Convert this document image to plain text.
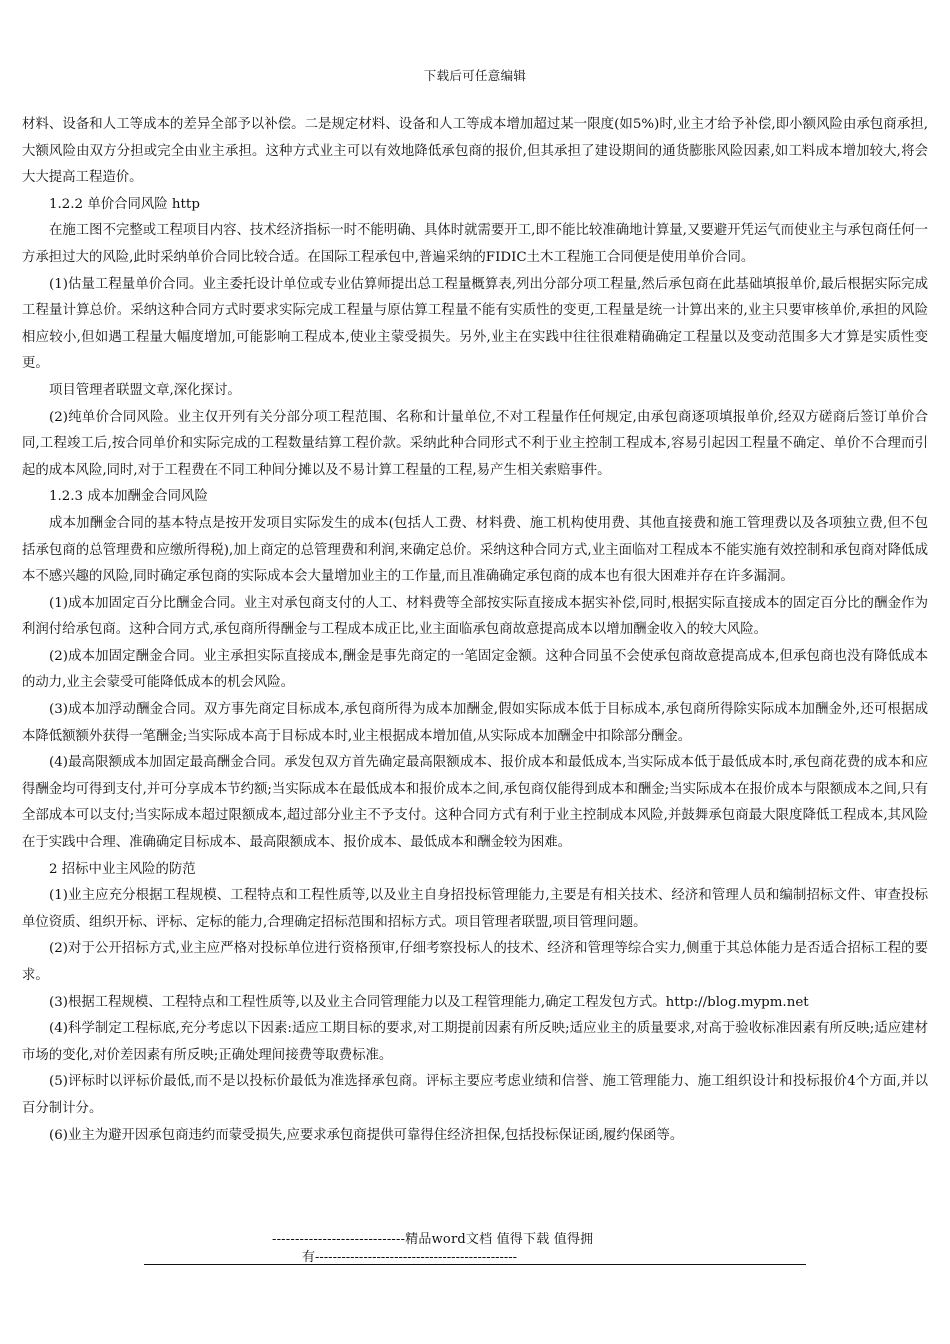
下载后可任意编辑

材料、设备和人工等成本的差异全部予以补偿。二是规定材料、设备和人工等成本增加超过某一限度(如5%)时,业主才给予补偿,即小额风险由承包商承担,大额风险由双方分担或完全由业主承担。这种方式业主可以有效地降低承包商的报价,但其承担了建设期间的通货膨胀风险因素,如工料成本增加较大,将会大大提高工程造价。

1.2.2 单价合同风险 http

在施工图不完整或工程项目内容、技术经济指标一时不能明确、具体时就需要开工,即不能比较准确地计算量,又要避开凭运气而使业主与承包商任何一方承担过大的风险,此时采纳单价合同比较合适。在国际工程承包中,普遍采纳的FIDIC土木工程施工合同便是使用单价合同。

(1)估量工程量单价合同。业主委托设计单位或专业估算师提出总工程量概算表,列出分部分项工程量,然后承包商在此基础填报单价,最后根据实际完成工程量计算总价。采纳这种合同方式时要求实际完成工程量与原估算工程量不能有实质性的变更,工程量是统一计算出来的,业主只要审核单价,承担的风险相应较小,但如遇工程量大幅度增加,可能影响工程成本,使业主蒙受损失。另外,业主在实践中往往很难精确确定工程量以及变动范围多大才算是实质性变更。

项目管理者联盟文章,深化探讨。

(2)纯单价合同风险。业主仅开列有关分部分项工程范围、名称和计量单位,不对工程量作任何规定,由承包商逐项填报单价,经双方磋商后签订单价合同,工程竣工后,按合同单价和实际完成的工程数量结算工程价款。采纳此种合同形式不利于业主控制工程成本,容易引起因工程量不确定、单价不合理而引起的成本风险,同时,对于工程费在不同工种间分摊以及不易计算工程量的工程,易产生相关索赔事件。

1.2.3 成本加酬金合同风险

成本加酬金合同的基本特点是按开发项目实际发生的成本(包括人工费、材料费、施工机构使用费、其他直接费和施工管理费以及各项独立费,但不包括承包商的总管理费和应缴所得税),加上商定的总管理费和利润,来确定总价。采纳这种合同方式,业主面临对工程成本不能实施有效控制和承包商对降低成本不感兴趣的风险,同时确定承包商的实际成本会大量增加业主的工作量,而且准确确定承包商的成本也有很大困难并存在许多漏洞。

(1)成本加固定百分比酬金合同。业主对承包商支付的人工、材料费等全部按实际直接成本据实补偿,同时,根据实际直接成本的固定百分比的酬金作为利润付给承包商。这种合同方式,承包商所得酬金与工程成本成正比,业主面临承包商故意提高成本以增加酬金收入的较大风险。

(2)成本加固定酬金合同。业主承担实际直接成本,酬金是事先商定的一笔固定金额。这种合同虽不会使承包商故意提高成本,但承包商也没有降低成本的动力,业主会蒙受可能降低成本的机会风险。

(3)成本加浮动酬金合同。双方事先商定目标成本,承包商所得为成本加酬金,假如实际成本低于目标成本,承包商所得除实际成本加酬金外,还可根据成本降低额额外获得一笔酬金;当实际成本高于目标成本时,业主根据成本增加值,从实际成本加酬金中扣除部分酬金。

(4)最高限额成本加固定最高酬金合同。承发包双方首先确定最高限额成本、报价成本和最低成本,当实际成本低于最低成本时,承包商花费的成本和应得酬金均可得到支付,并可分享成本节约额;当实际成本在最低成本和报价成本之间,承包商仅能得到成本和酬金;当实际成本在报价成本与限额成本之间,只有全部成本可以支付;当实际成本超过限额成本,超过部分业主不予支付。这种合同方式有利于业主控制成本风险,并鼓舞承包商最大限度降低工程成本,其风险在于实践中合理、准确确定目标成本、最高限额成本、报价成本、最低成本和酬金较为困难。

2 招标中业主风险的防范

(1)业主应充分根据工程规模、工程特点和工程性质等,以及业主自身招投标管理能力,主要是有相关技术、经济和管理人员和编制招标文件、审查投标单位资质、组织开标、评标、定标的能力,合理确定招标范围和招标方式。项目管理者联盟,项目管理问题。

(2)对于公开招标方式,业主应严格对投标单位进行资格预审,仔细考察投标人的技术、经济和管理等综合实力,侧重于其总体能力是否适合招标工程的要求。

(3)根据工程规模、工程特点和工程性质等,以及业主合同管理能力以及工程管理能力,确定工程发包方式。http://blog.mypm.net

(4)科学制定工程标底,充分考虑以下因素:适应工期目标的要求,对工期提前因素有所反映;适应业主的质量要求,对高于验收标准因素有所反映;适应建材市场的变化,对价差因素有所反映;正确处理间接费等取费标准。

(5)评标时以评标价最低,而不是以投标价最低为准选择承包商。评标主要应考虑业绩和信誉、施工管理能力、施工组织设计和投标报价4个方面,并以百分制计分。

(6)业主为避开因承包商违约而蒙受损失,应要求承包商提供可靠得住经济担保,包括投标保证函,履约保函等。

-----------------------------精品word文档 值得下载 值得拥
有----------------------------------------------
